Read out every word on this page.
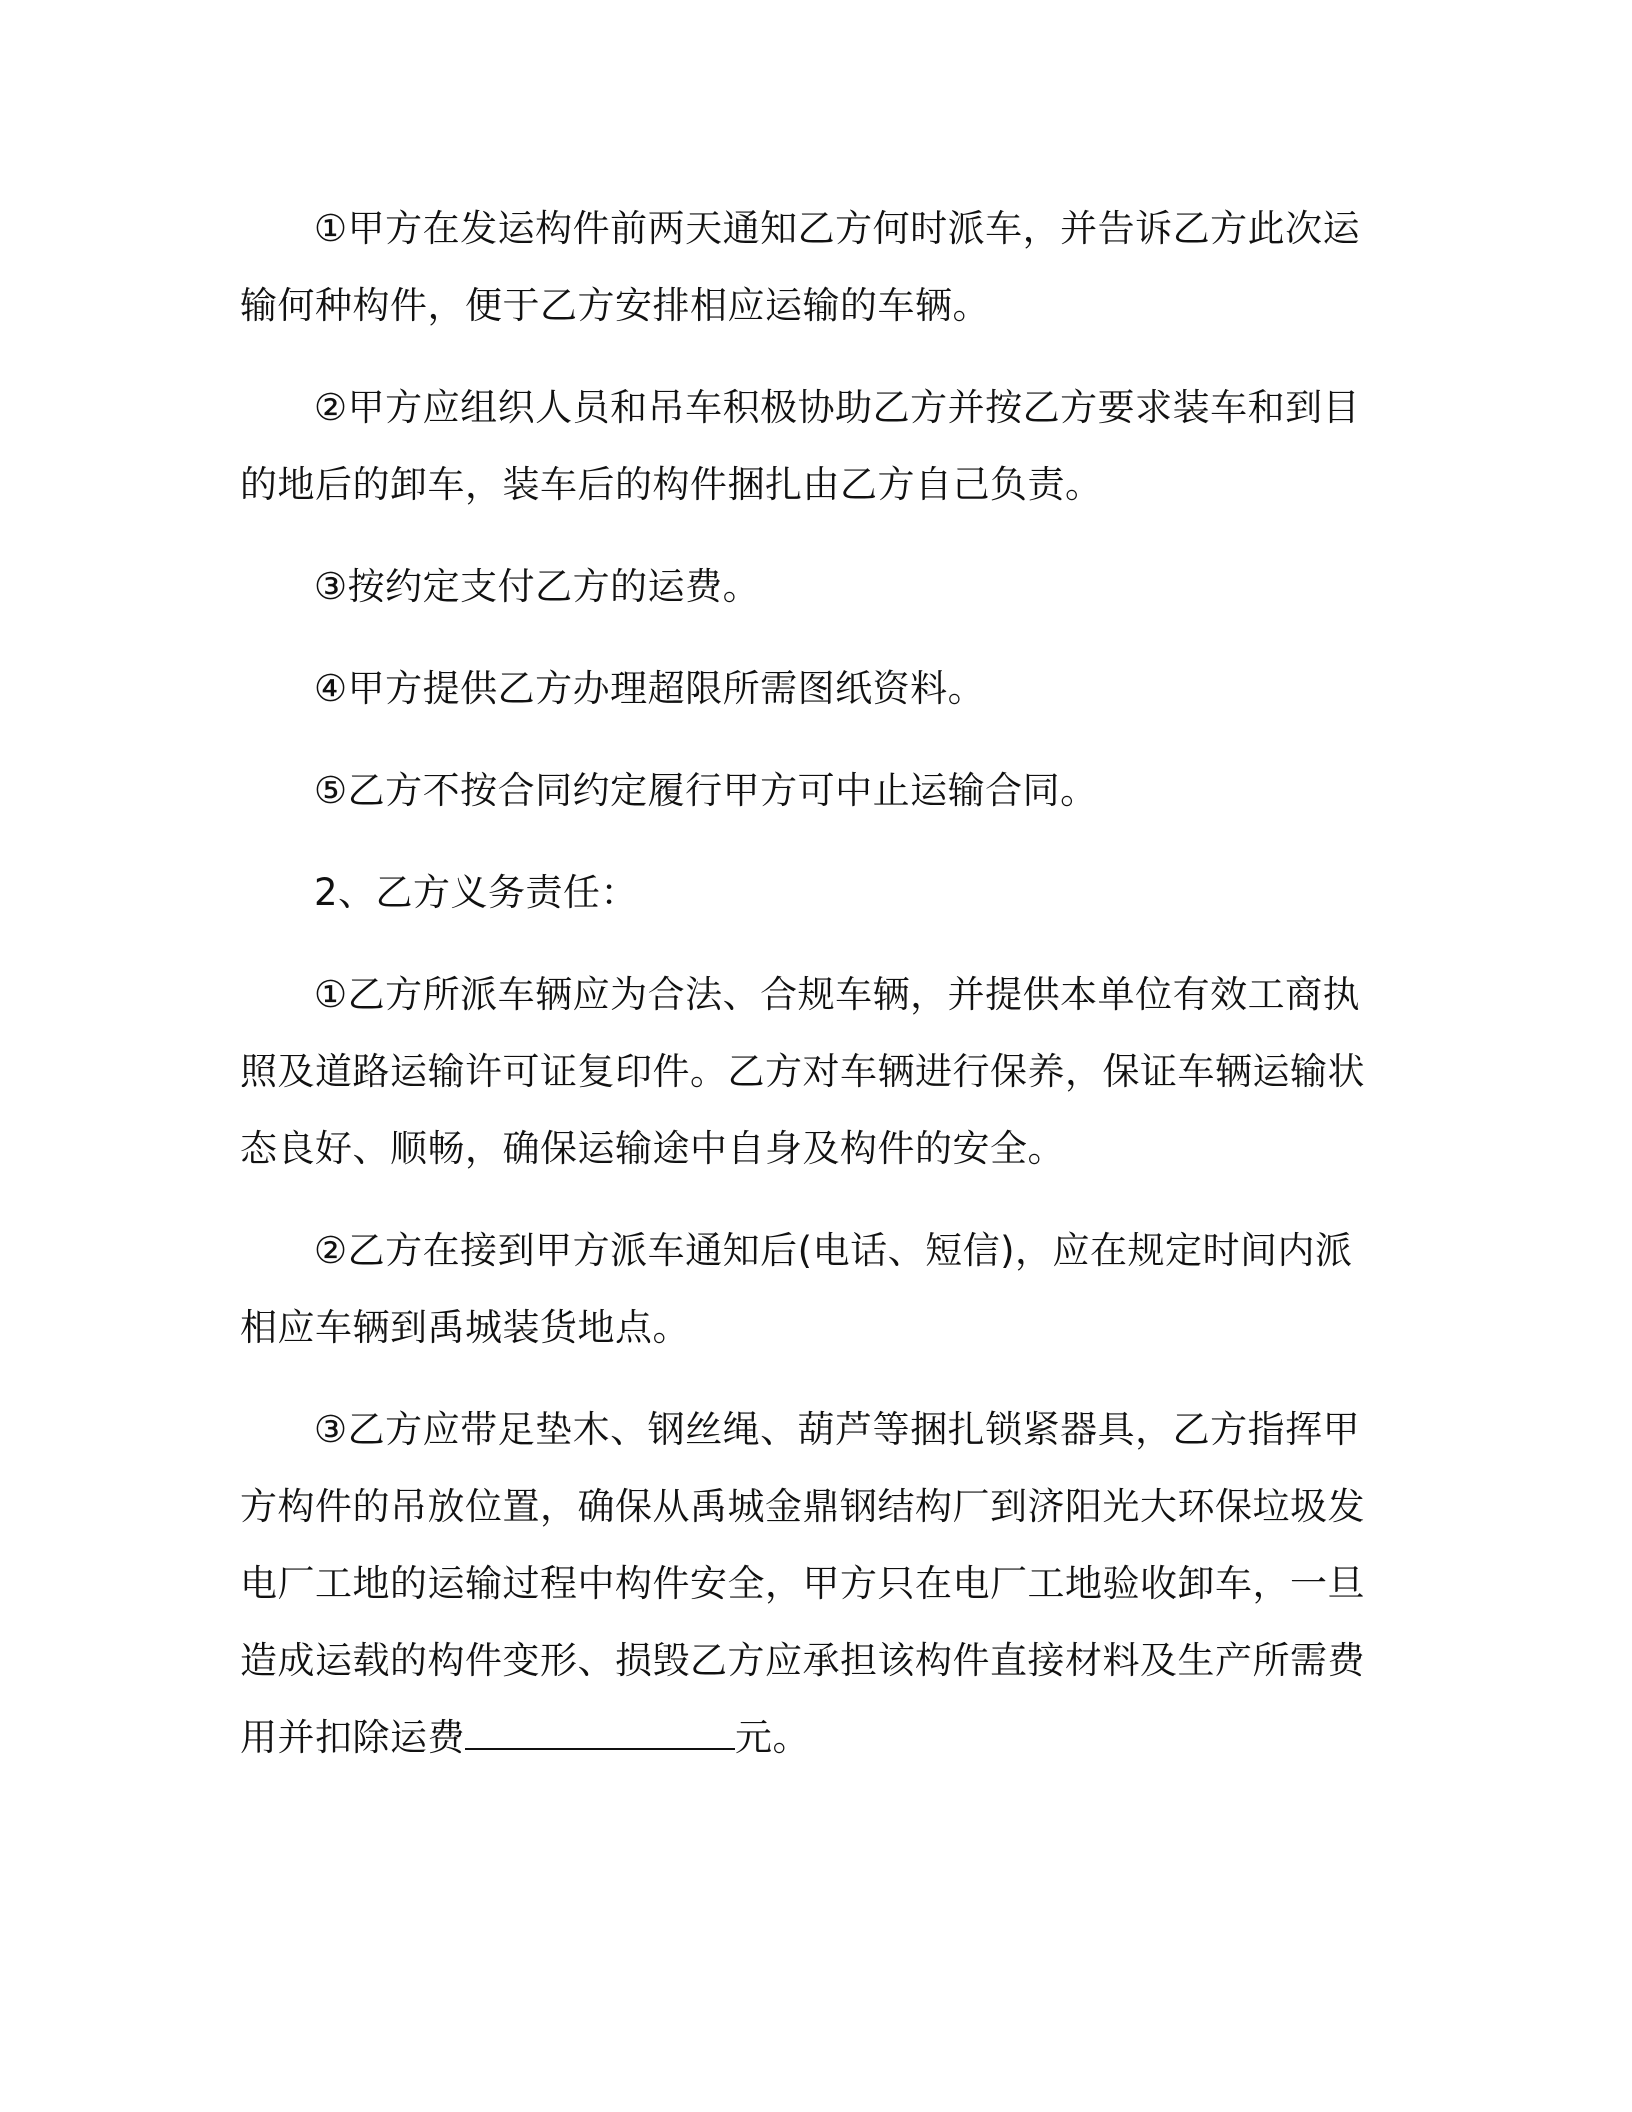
①甲方在发运构件前两天通知乙方何时派车，并告诉乙方此次运输何种构件，便于乙方安排相应运输的车辆。

②甲方应组织人员和吊车积极协助乙方并按乙方要求装车和到目的地后的卸车，装车后的构件捆扎由乙方自己负责。

③按约定支付乙方的运费。

④甲方提供乙方办理超限所需图纸资料。

⑤乙方不按合同约定履行甲方可中止运输合同。

2、乙方义务责任：

①乙方所派车辆应为合法、合规车辆，并提供本单位有效工商执照及道路运输许可证复印件。乙方对车辆进行保养，保证车辆运输状态良好、顺畅，确保运输途中自身及构件的安全。

②乙方在接到甲方派车通知后(电话、短信)，应在规定时间内派相应车辆到禹城装货地点。

③乙方应带足垫木、钢丝绳、葫芦等捆扎锁紧器具，乙方指挥甲方构件的吊放位置，确保从禹城金鼎钢结构厂到济阳光大环保垃圾发电厂工地的运输过程中构件安全，甲方只在电厂工地验收卸车，一旦造成运载的构件变形、损毁乙方应承担该构件直接材料及生产所需费用并扣除运费	元。
